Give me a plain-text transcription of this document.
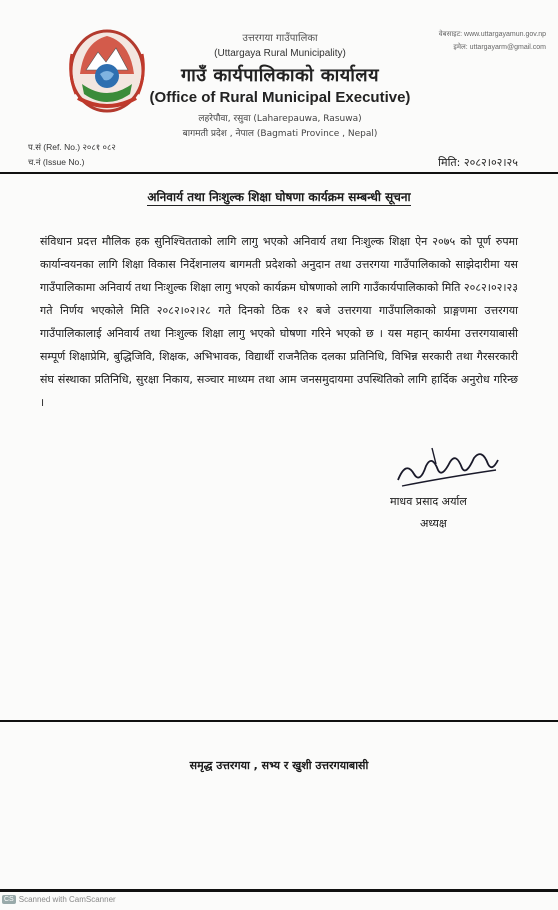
उत्तरगया गाउँपालिका
(Uttargaya Rural Municipality)
गाउँ कार्यपालिकाको कार्यालय
(Office of Rural Municipal Executive)
लहरेपौवा, रसुवा (Laharepauwa, Rasuwa)
बागमती प्रदेश , नेपाल (Bagmati Province , Nepal)
वेबसाइट: www.uttargayamun.gov.np
इमेल: uttargayarm@gmail.com
प.सं (Ref. No.) २०८१ ०८२
च.नं (Issue No.)	मिति: २०८२।०२।२५
अनिवार्य तथा निःशुल्क शिक्षा घोषणा कार्यक्रम सम्बन्धी सूचना
संविधान प्रदत्त मौलिक हक सुनिश्चितताको लागि लागु भएको अनिवार्य तथा निःशुल्क शिक्षा ऐन २०७५ को पूर्ण रुपमा कार्यान्वयनका लागि शिक्षा विकास निर्देशनालय बागमती प्रदेशको अनुदान तथा उत्तरगया गाउँपालिकाको साझेदारीमा यस गाउँपालिकामा अनिवार्य तथा निःशुल्क शिक्षा लागु भएको कार्यक्रम घोषणाको लागि गाउँकार्यपालिकाको मिति २०८२।०२।२३ गते निर्णय भएकोले मिति २०८२।०२।२८ गते दिनको ठिक १२ बजे उत्तरगया गाउँपालिकाको प्राङ्गणमा उत्तरगया गाउँपालिकालाई अनिवार्य तथा निःशुल्क शिक्षा लागु भएको घोषणा गरिने भएको छ । यस महान् कार्यमा उत्तरगयाबासी सम्पूर्ण शिक्षाप्रेमि, बुद्धिजिवि, शिक्षक, अभिभावक, विद्यार्थी राजनैतिक दलका प्रतिनिधि, विभिन्न सरकारी तथा गैरसरकारी संघ संस्थाका प्रतिनिधि, सुरक्षा निकाय, सञ्चार माध्यम तथा आम जनसमुदायमा उपस्थितिको लागि हार्दिक अनुरोध गरिन्छ ।
माधव प्रसाद अर्याल
अध्यक्ष
समृद्ध उत्तरगया , सभ्य र खुशी उत्तरगयाबासी
CS Scanned with CamScanner
